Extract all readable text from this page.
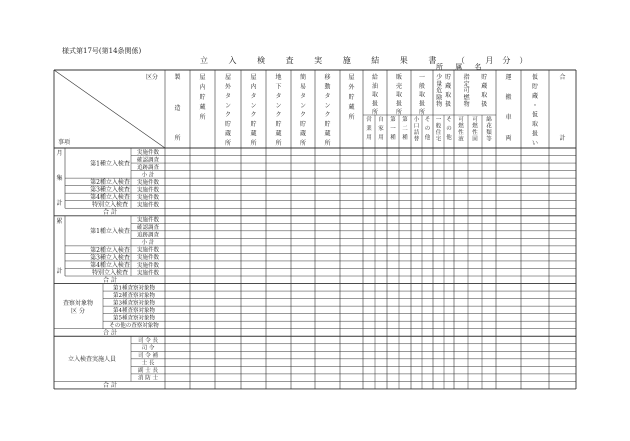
様式第17号(第14条関係)
立 入 検 査 実 施 結 果 書 （ 月分）
所 属 名
区分
事項
製
造
所
屋
内
貯
蔵
所
屋
外
タ
ン
ク
貯
蔵
所
屋
内
タ
ン
ク
貯
蔵
所
地
下
タ
ン
ク
貯
蔵
所
簡
易
タ
ン
ク
貯
蔵
所
移
動
タ
ン
ク
貯
蔵
所
屋
外
貯
蔵
所
給
油
取
扱
所
営
業
用
自
家
用
販
売
取
扱
所
第
一
種
第
二
種
一
般
取
扱
所
小
口
詰
替
そ
の
他
貯
蔵
取
扱
少
量
危
険
物
一
般
住
宅
そ
の
他
貯
蔵
取
扱
指
定
可
燃
物
可
燃
性
液
可
燃
性
固
綿
花
類
等
運
搬
車
両
仮
貯
蔵
・
仮
取
扱
い
合
計
月
集
計
第1種立入検査
実施件数
確認調査
追跡調査
小 計
第2種立入検査 実施件数
第3種立入検査 実施件数
第4種立入検査 実施件数
特別立入検査 実施件数
合 計
累
計
第1種立入検査
実施件数
確認調査
追跡調査
小 計
第2種立入検査 実施件数
第3種立入検査 実施件数
第4種立入検査 実施件数
特別立入検査 実施件数
合 計
査察対象物
区 分
第1種査察対象物
第2種査察対象物
第3種査察対象物
第4種査察対象物
第5種査察対象物
その他の査察対象物
合 計
立入検査実施人員
司 令 長
司 令
司 令 補
士 長
副 士 長
消 防 士
合 計
